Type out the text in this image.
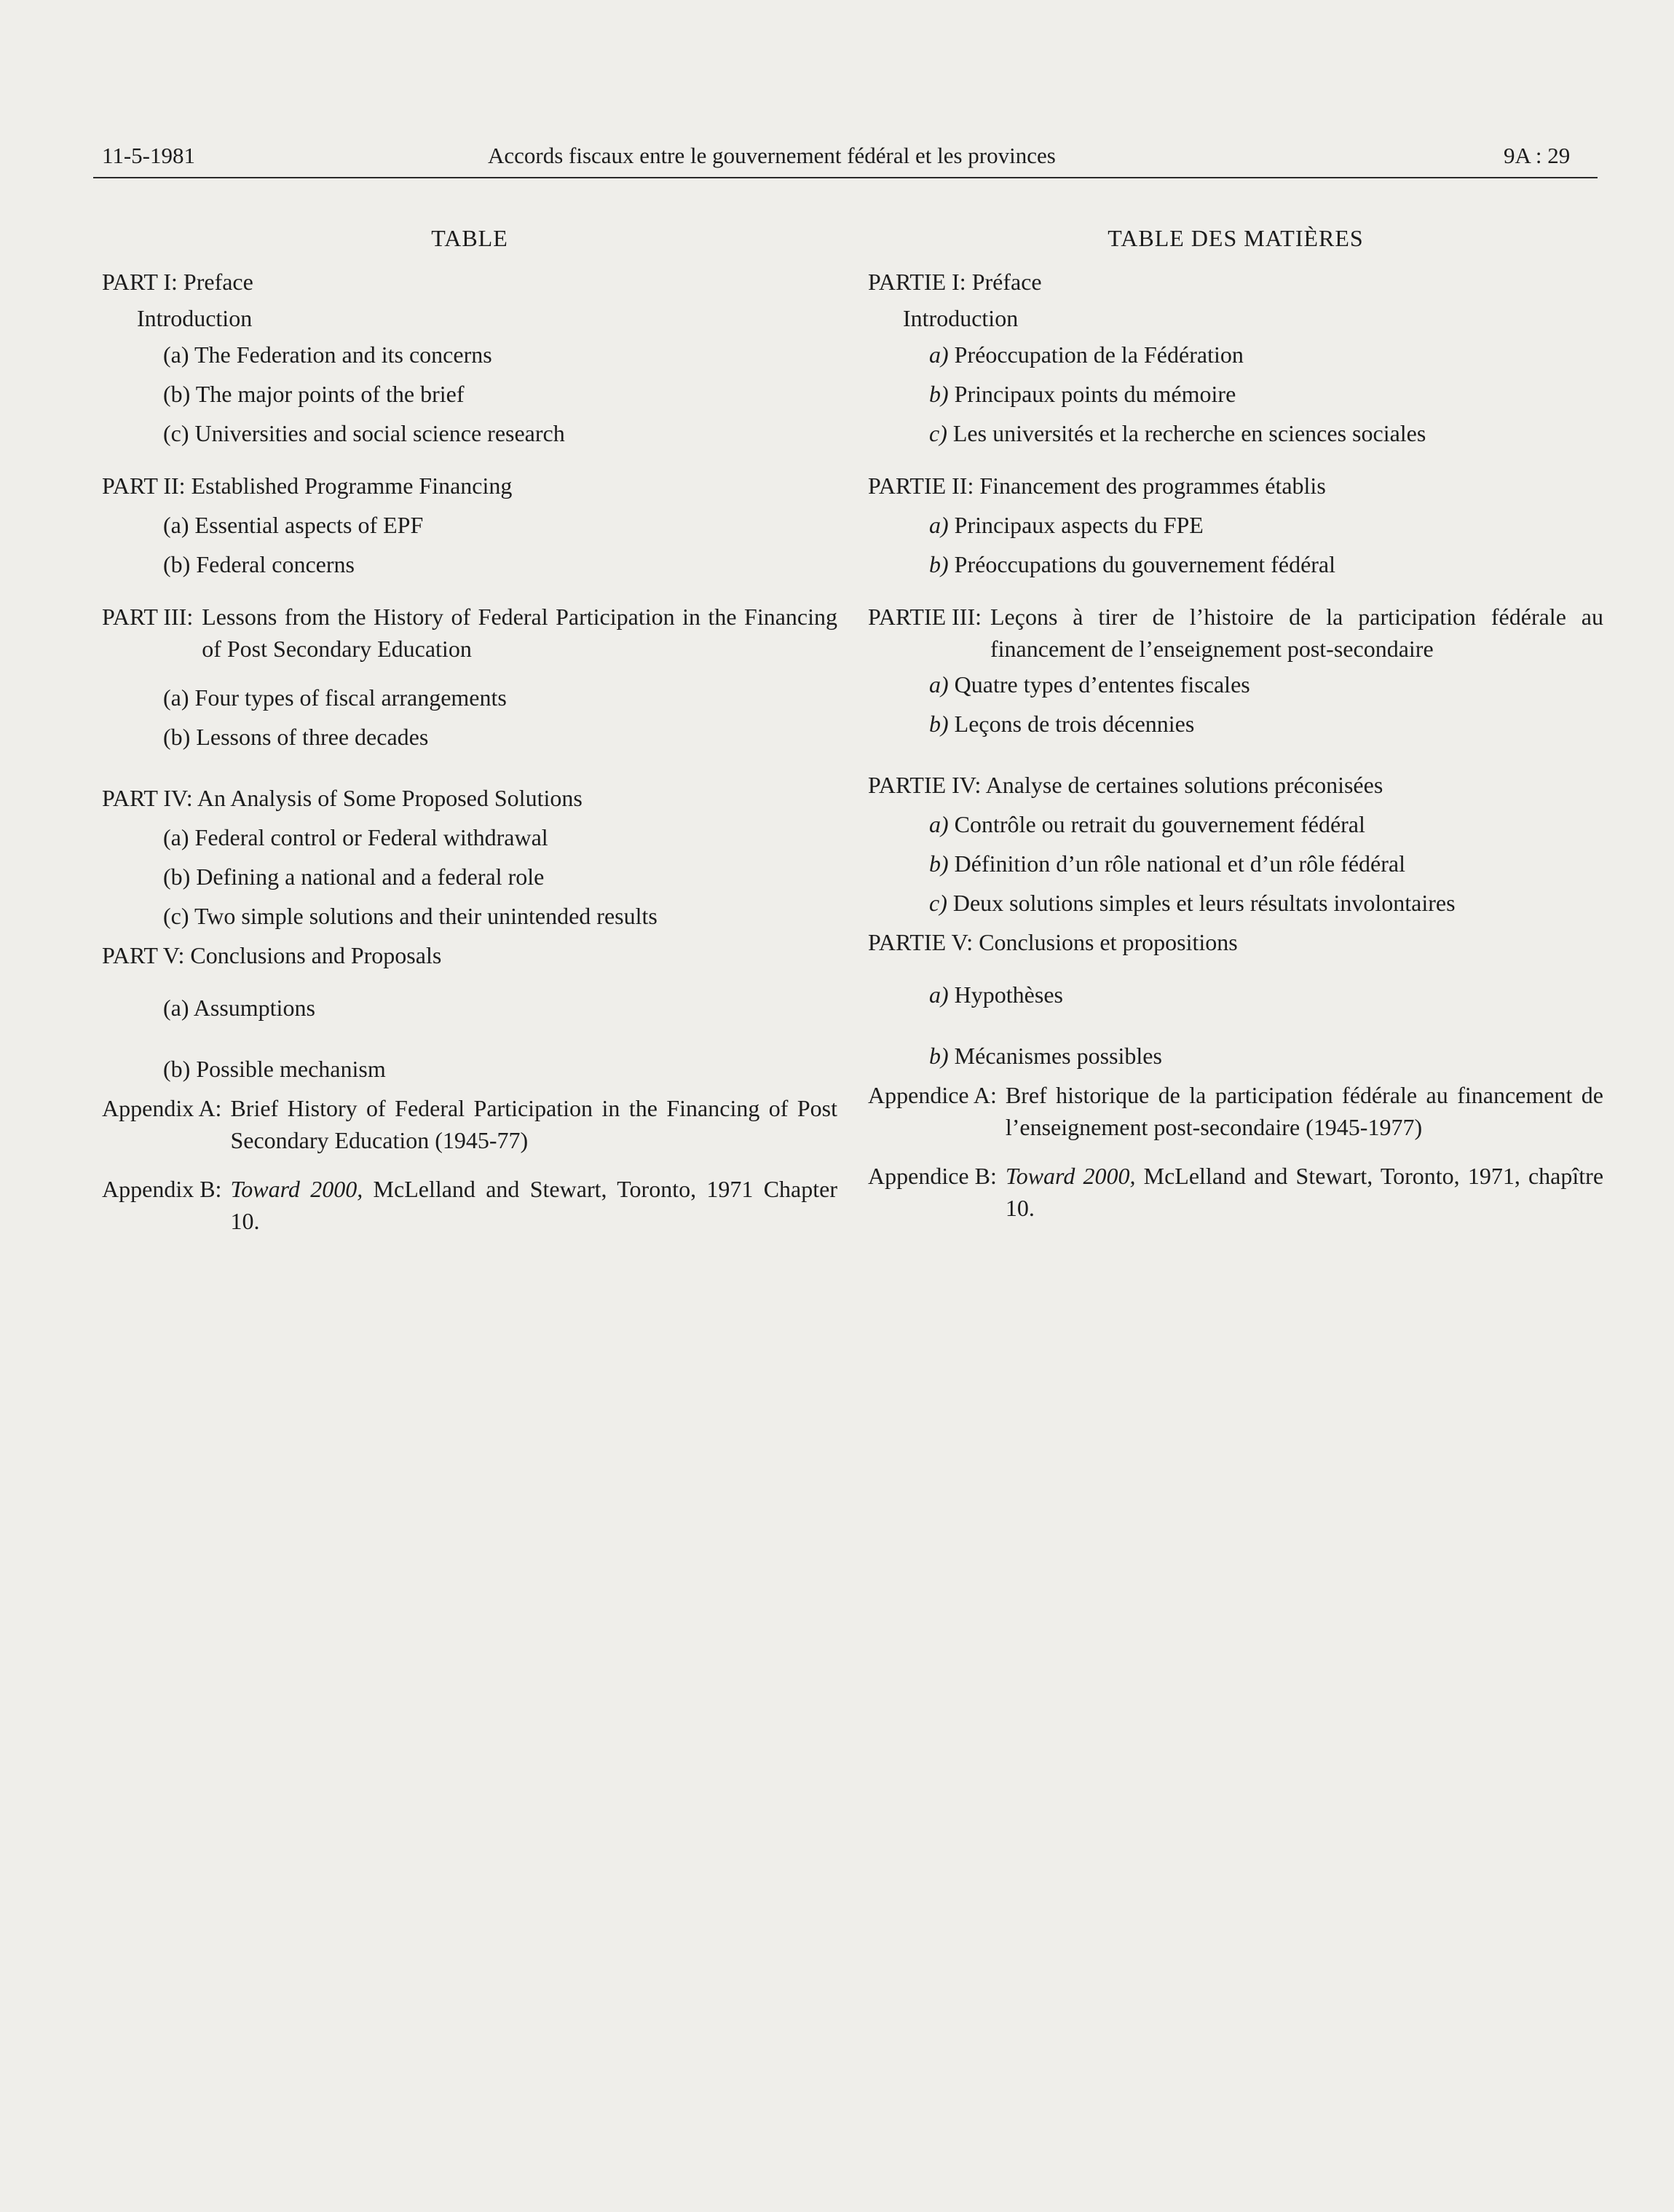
11-5-1981	Accords fiscaux entre le gouvernement fédéral et les provinces	9A : 29
TABLE
PART I: Preface
Introduction
(a) The Federation and its concerns
(b) The major points of the brief
(c) Universities and social science research
PART II: Established Programme Financing
(a) Essential aspects of EPF
(b) Federal concerns
PART III: Lessons from the History of Federal Participation in the Financing of Post Secondary Education
(a) Four types of fiscal arrangements
(b) Lessons of three decades
PART IV: An Analysis of Some Proposed Solutions
(a) Federal control or Federal withdrawal
(b) Defining a national and a federal role
(c) Two simple solutions and their unintended results
PART V: Conclusions and Proposals
(a) Assumptions
(b) Possible mechanism
Appendix A: Brief History of Federal Participation in the Financing of Post Secondary Education (1945-77)
Appendix B: Toward 2000, McLelland and Stewart, Toronto, 1971 Chapter 10.
TABLE DES MATIÈRES
PARTIE I: Préface
Introduction
a) Préoccupation de la Fédération
b) Principaux points du mémoire
c) Les universités et la recherche en sciences sociales
PARTIE II: Financement des programmes établis
a) Principaux aspects du FPE
b) Préoccupations du gouvernement fédéral
PARTIE III: Leçons à tirer de l’histoire de la participation fédérale au financement de l’enseignement post-secondaire
a) Quatre types d’ententes fiscales
b) Leçons de trois décennies
PARTIE IV: Analyse de certaines solutions préconisées
a) Contrôle ou retrait du gouvernement fédéral
b) Définition d’un rôle national et d’un rôle fédéral
c) Deux solutions simples et leurs résultats involontaires
PARTIE V: Conclusions et propositions
a) Hypothèses
b) Mécanismes possibles
Appendice A: Bref historique de la participation fédérale au financement de l’enseignement post-secondaire (1945-1977)
Appendice B: Toward 2000, McLelland and Stewart, Toronto, 1971, chapître 10.
